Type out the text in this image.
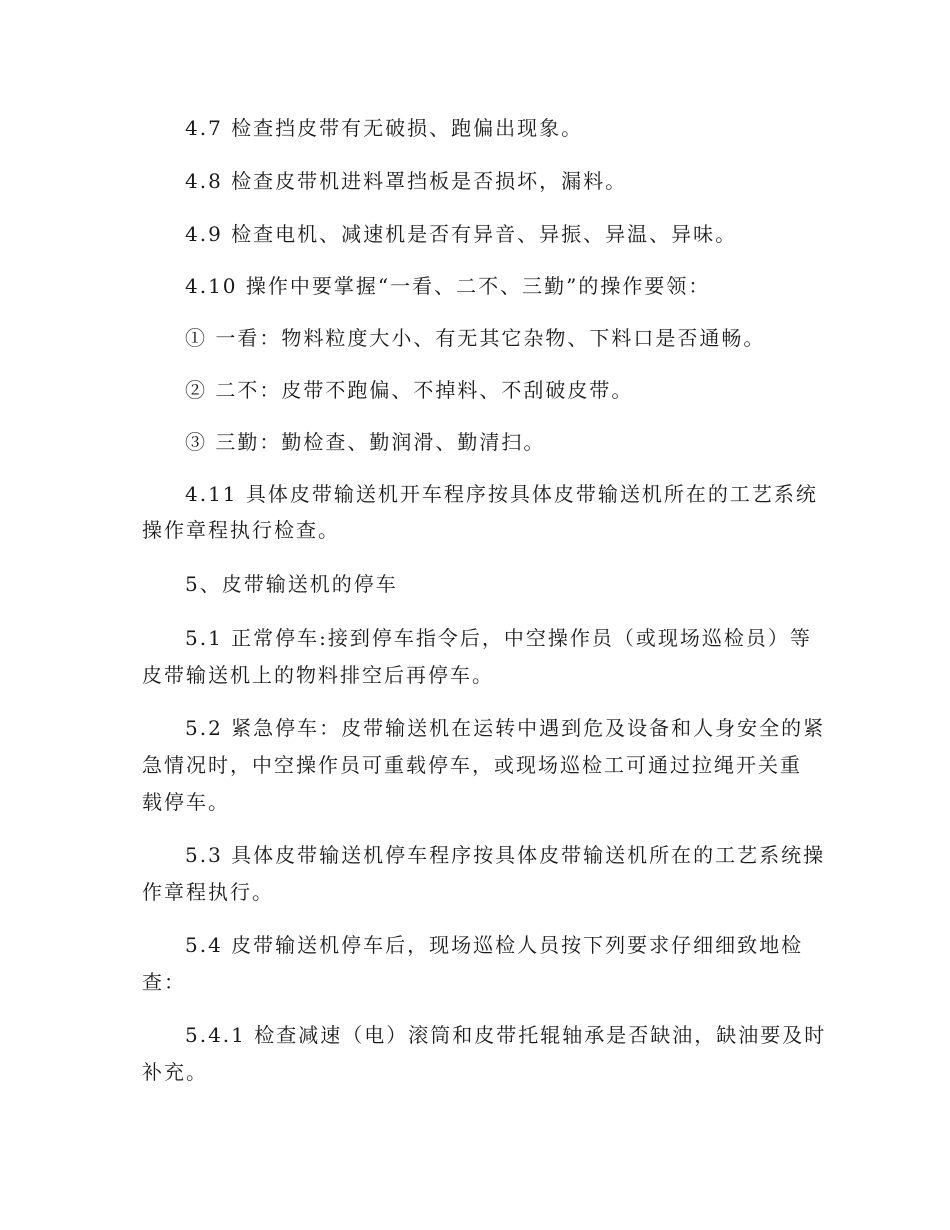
4.7 检查挡皮带有无破损、跑偏出现象。
4.8 检查皮带机进料罩挡板是否损坏，漏料。
4.9 检查电机、减速机是否有异音、异振、异温、异味。
4.10 操作中要掌握“一看、二不、三勤”的操作要领：
① 一看：物料粒度大小、有无其它杂物、下料口是否通畅。
② 二不：皮带不跑偏、不掉料、不刮破皮带。
③ 三勤：勤检查、勤润滑、勤清扫。
4.11 具体皮带输送机开车程序按具体皮带输送机所在的工艺系统
操作章程执行检查。
5、皮带输送机的停车
5.1 正常停车:接到停车指令后，中空操作员（或现场巡检员）等
皮带输送机上的物料排空后再停车。
5.2 紧急停车：皮带输送机在运转中遇到危及设备和人身安全的紧
急情况时，中空操作员可重载停车，或现场巡检工可通过拉绳开关重
载停车。
5.3 具体皮带输送机停车程序按具体皮带输送机所在的工艺系统操
作章程执行。
5.4 皮带输送机停车后，现场巡检人员按下列要求仔细细致地检
查：
5.4.1 检查减速（电）滚筒和皮带托辊轴承是否缺油，缺油要及时
补充。
